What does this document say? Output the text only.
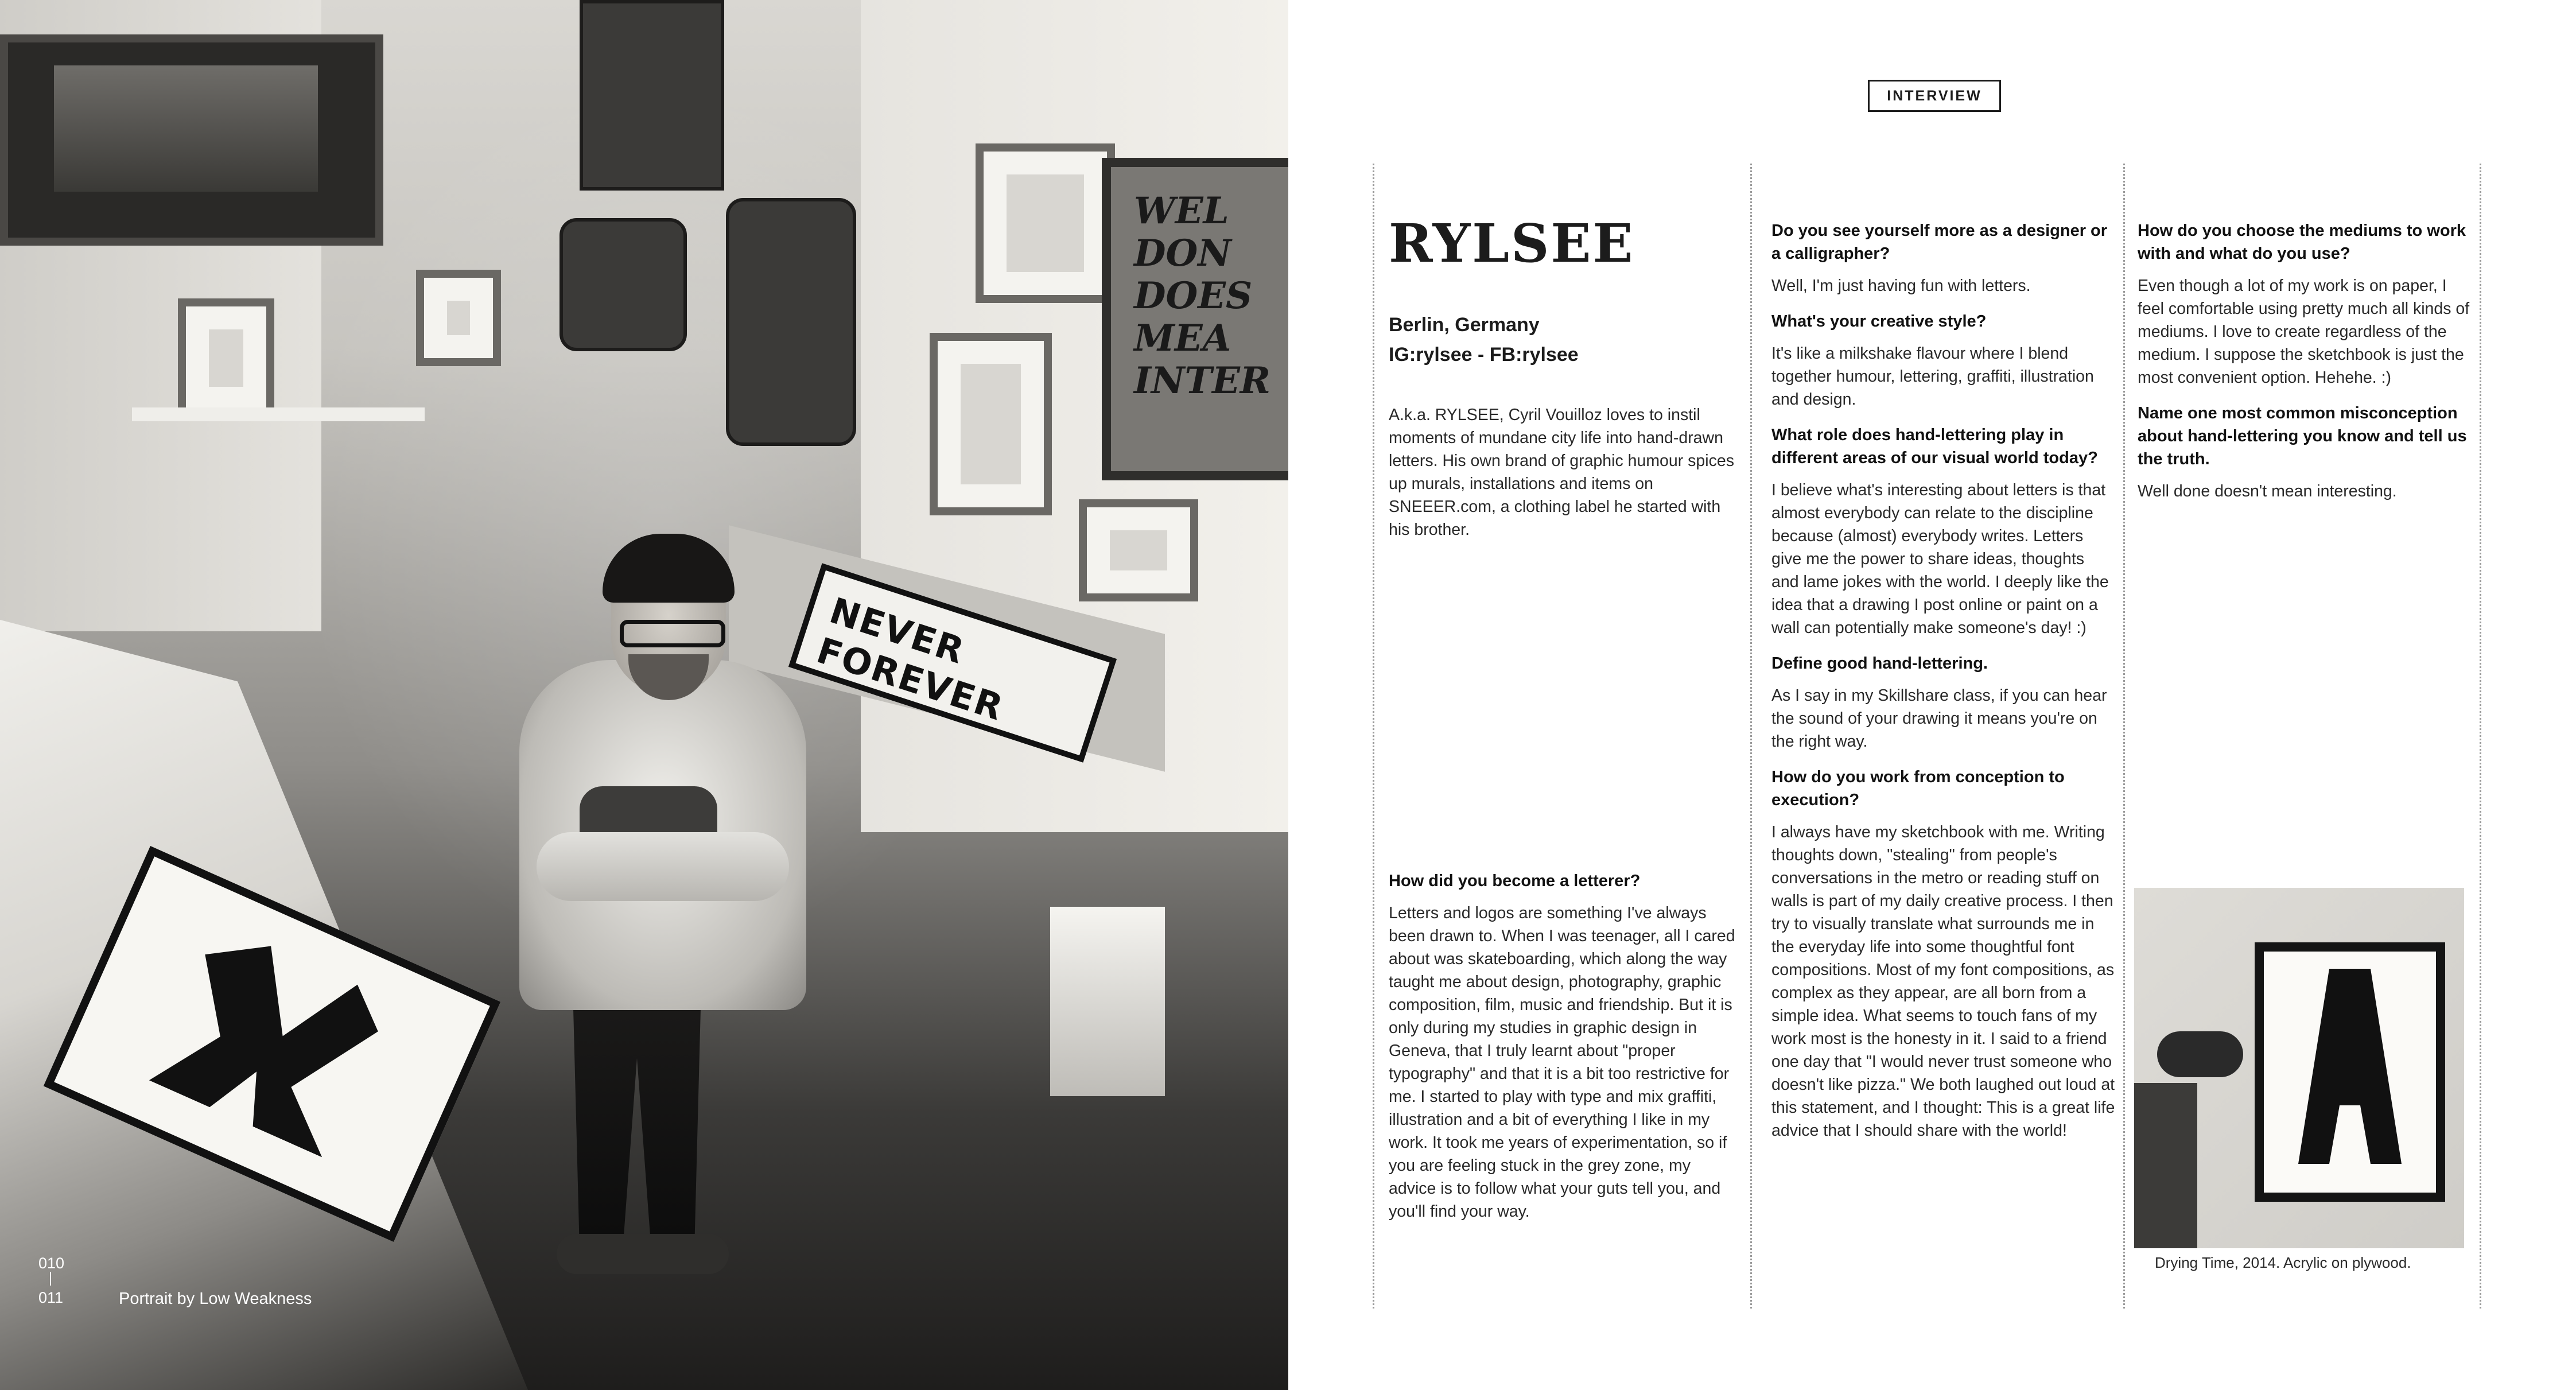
WEL
DON
DOES
MEA
INTER
NEVER FOREVER
010
011	Portrait by Low Weakness
INTERVIEW
RYLSEE
Berlin, Germany
IG:rylsee - FB:rylsee

A.k.a. RYLSEE, Cyril Vouilloz loves to instil moments of mundane city life into hand-drawn letters. His own brand of graphic humour spices up murals, installations and items on SNEEER.com, a clothing label he started with his brother.

How did you become a letterer?

Letters and logos are something I've always been drawn to. When I was teenager, all I cared about was skateboarding, which along the way taught me about design, photography, graphic composition, film, music and friendship. But it is only during my studies in graphic design in Geneva, that I truly learnt about "proper typography" and that it is a bit too restrictive for me. I started to play with type and mix graffiti, illustration and a bit of everything I like in my work. It took me years of experimentation, so if you are feeling stuck in the grey zone, my advice is to follow what your guts tell you, and you'll find your way.

Do you see yourself more as a designer or a calligrapher?

Well, I'm just having fun with letters.

What's your creative style?

It's like a milkshake flavour where I blend together humour, lettering, graffiti, illustration and design.

What role does hand-lettering play in different areas of our visual world today?

I believe what's interesting about letters is that almost everybody can relate to the discipline because (almost) everybody writes. Letters give me the power to share ideas, thoughts and lame jokes with the world. I deeply like the idea that a drawing I post online or paint on a wall can potentially make someone's day! :)

Define good hand-lettering.

As I say in my Skillshare class, if you can hear the sound of your drawing it means you're on the right way.

How do you work from conception to execution?

I always have my sketchbook with me. Writing thoughts down, "stealing" from people's conversations in the metro or reading stuff on walls is part of my daily creative process. I then try to visually translate what surrounds me in the everyday life into some thoughtful font compositions. Most of my font compositions, as complex as they appear, are all born from a simple idea. What seems to touch fans of my work most is the honesty in it. I said to a friend one day that "I would never trust someone who doesn't like pizza." We both laughed out loud at this statement, and I thought: This is a great life advice that I should share with the world!

How do you choose the mediums to work with and what do you use?

Even though a lot of my work is on paper, I feel comfortable using pretty much all kinds of mediums. I love to create regardless of the medium. I suppose the sketchbook is just the most convenient option. Hehehe. :)

Name one most common misconception about hand-lettering you know and tell us the truth.

Well done doesn't mean interesting.

Drying Time, 2014. Acrylic on plywood.
